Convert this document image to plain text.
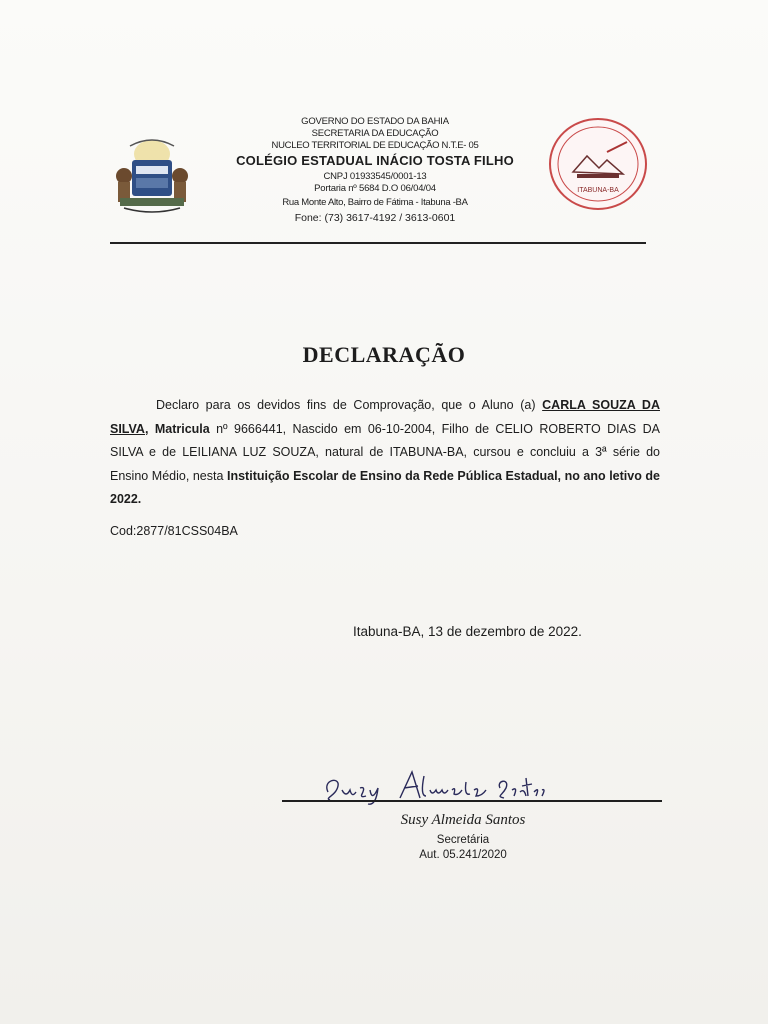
GOVERNO DO ESTADO DA BAHIA
SECRETARIA DA EDUCAÇÃO
NUCLEO TERRITORIAL DE EDUCAÇÃO N.T.E- 05
COLÉGIO ESTADUAL INÁCIO TOSTA FILHO
CNPJ 01933545/0001-13
Portaria nº 5684 D.O 06/04/04
Rua Monte Alto, Bairro de Fátima - Itabuna -BA
Fone: (73) 3617-4192 / 3613-0601
ITABUNA-BA
DECLARAÇÃO

Declaro para os devidos fins de Comprovação, que o Aluno (a) CARLA SOUZA DA SILVA, Matricula nº 9666441, Nascido em 06-10-2004, Filho de CELIO ROBERTO DIAS DA SILVA e de LEILIANA LUZ SOUZA, natural de ITABUNA-BA, cursou e concluiu a 3ª série do Ensino Médio, nesta Instituição Escolar de Ensino da Rede Pública Estadual, no ano letivo de 2022.

Cod:2877/81CSS04BA
Itabuna-BA, 13 de dezembro de 2022.
Susy Almeida Santos
Secretária
Aut. 05.241/2020
